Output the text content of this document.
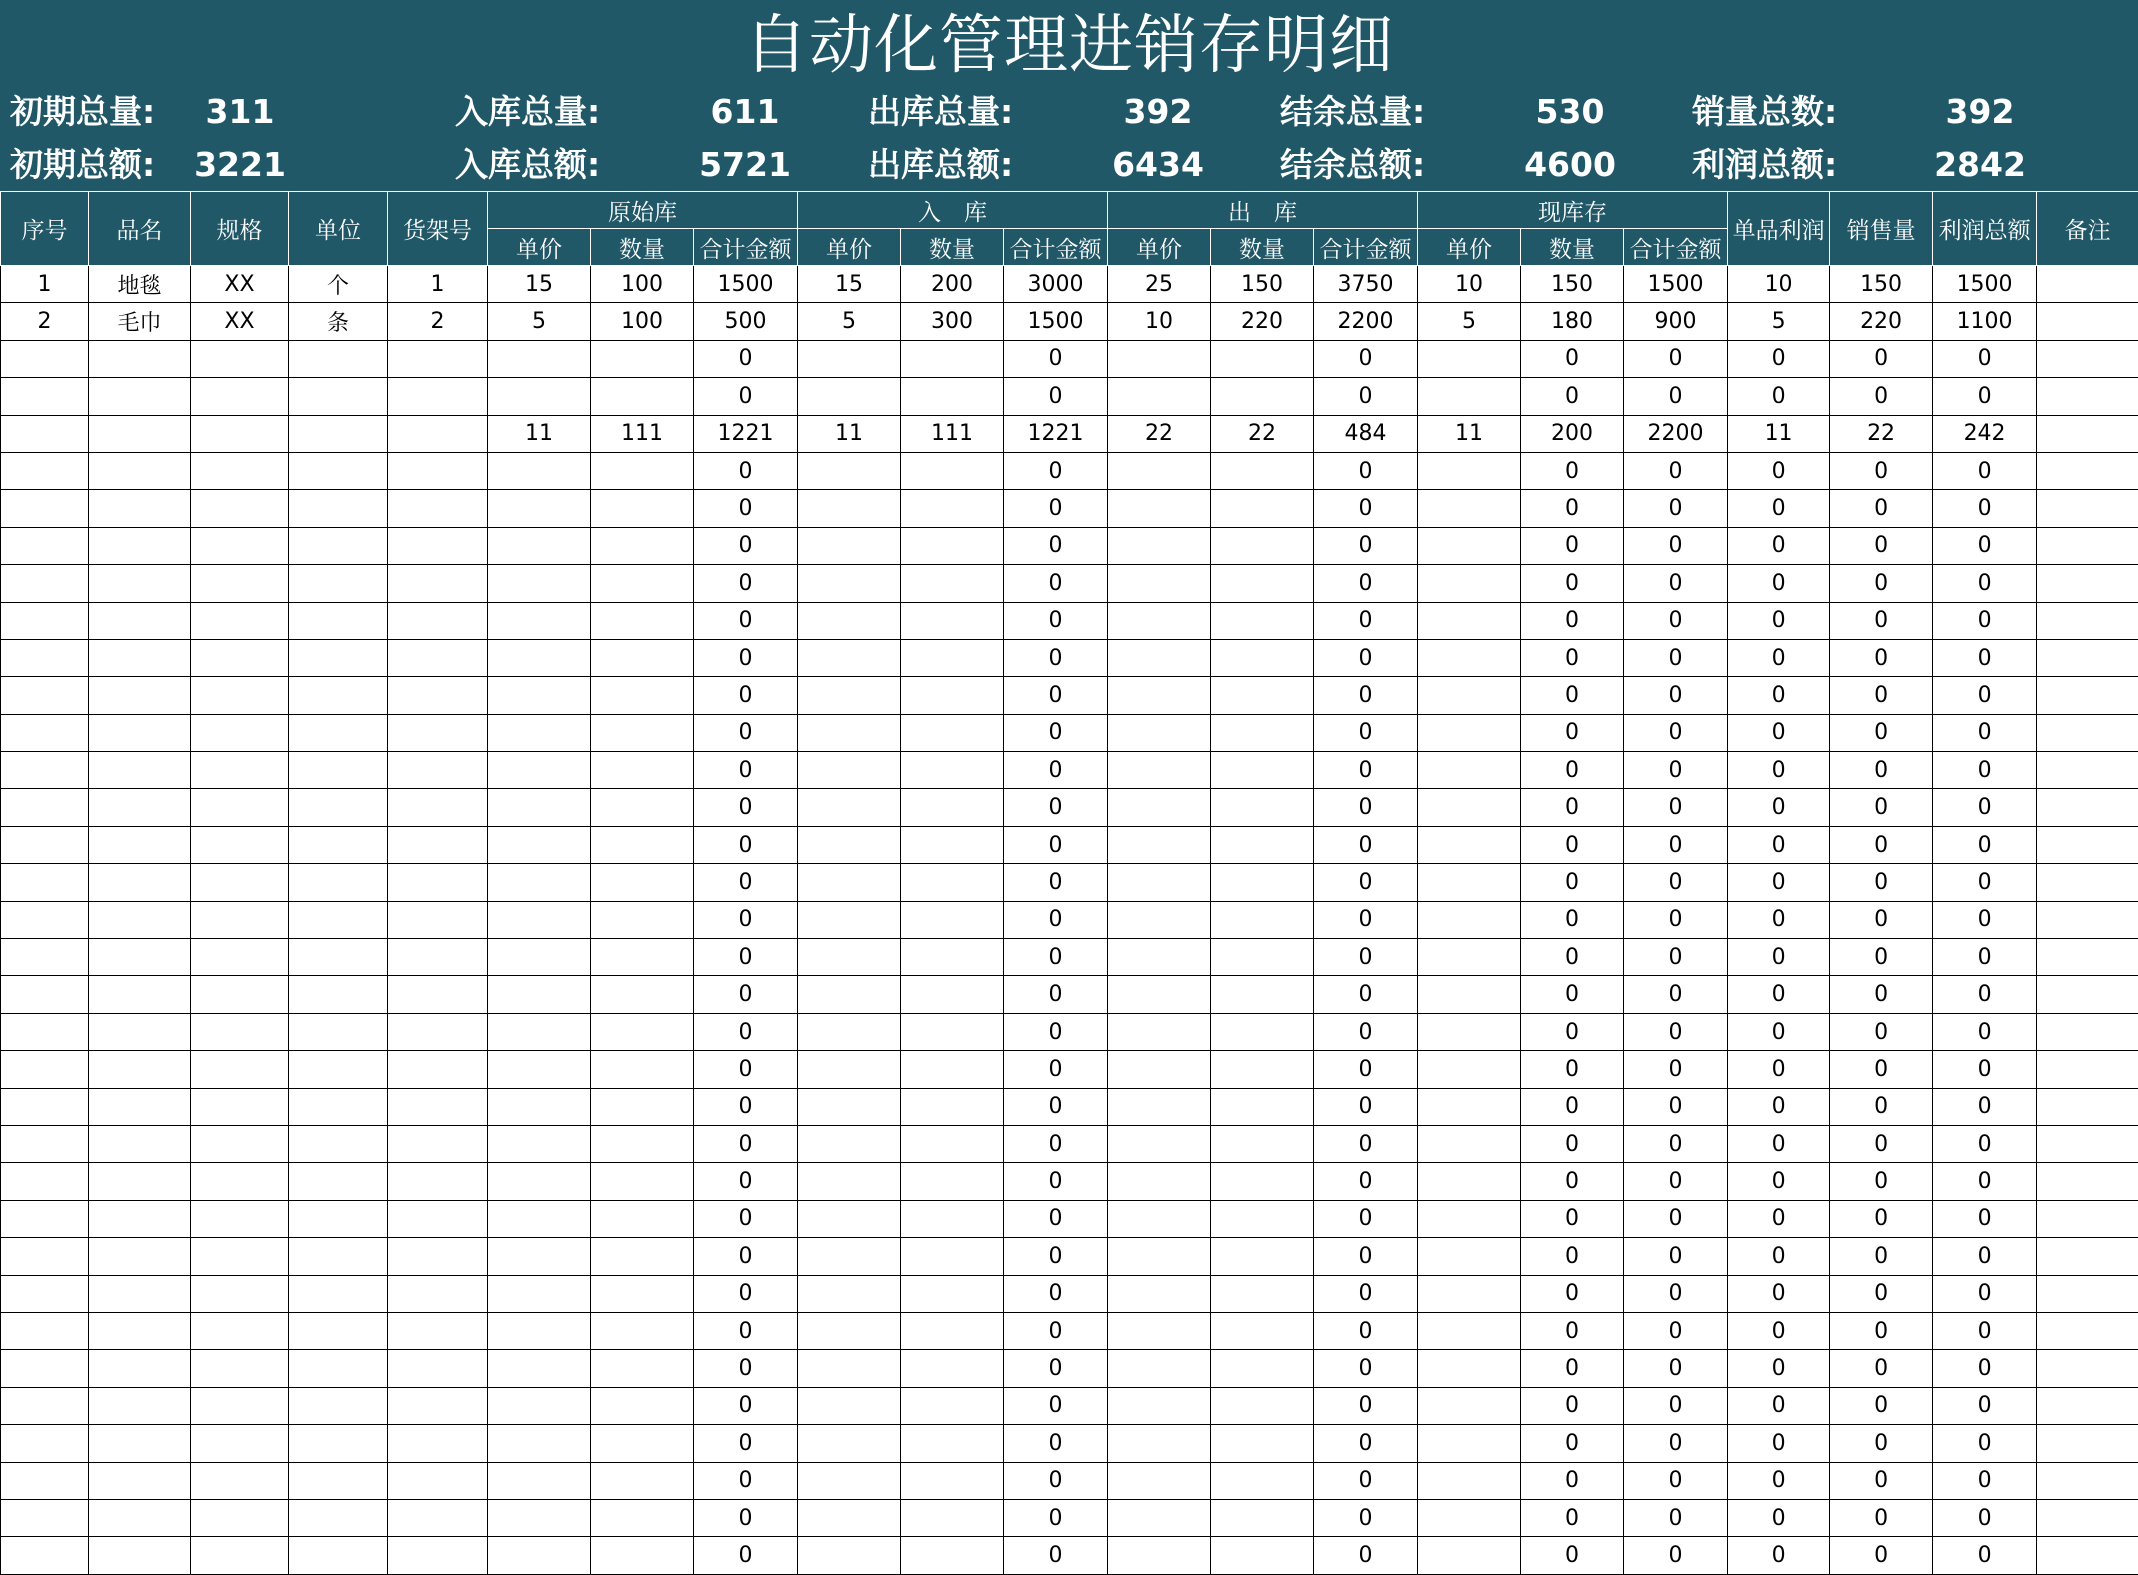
自动化管理进销存明细
初期总量:	311	入库总量:	611	出库总量:	392	结余总量:	530	销量总数:	392
初期总额:	3221	入库总额:	5721	出库总额:	6434	结余总额:	4600	利润总额:	2842
序号	品名	规格	单位	货架号	原始库			入　库			出　库			现库存			单品利润	销售量	利润总额	备注
					单价	数量	合计金额	单价	数量	合计金额	单价	数量	合计金额	单价	数量	合计金额				
1	地毯	XX	个	1	15	100	1500	15	200	3000	25	150	3750	10	150	1500	10	150	1500	
2	毛巾	XX	条	2	5	100	500	5	300	1500	10	220	2200	5	180	900	5	220	1100	
							0			0			0		0	0	0	0	0	
							0			0			0		0	0	0	0	0	
					11	111	1221	11	111	1221	22	22	484	11	200	2200	11	22	242	
							0			0			0		0	0	0	0	0	
							0			0			0		0	0	0	0	0	
							0			0			0		0	0	0	0	0	
							0			0			0		0	0	0	0	0	
							0			0			0		0	0	0	0	0	
							0			0			0		0	0	0	0	0	
							0			0			0		0	0	0	0	0	
							0			0			0		0	0	0	0	0	
							0			0			0		0	0	0	0	0	
							0			0			0		0	0	0	0	0	
							0			0			0		0	0	0	0	0	
							0			0			0		0	0	0	0	0	
							0			0			0		0	0	0	0	0	
							0			0			0		0	0	0	0	0	
							0			0			0		0	0	0	0	0	
							0			0			0		0	0	0	0	0	
							0			0			0		0	0	0	0	0	
							0			0			0		0	0	0	0	0	
							0			0			0		0	0	0	0	0	
							0			0			0		0	0	0	0	0	
							0			0			0		0	0	0	0	0	
							0			0			0		0	0	0	0	0	
							0			0			0		0	0	0	0	0	
							0			0			0		0	0	0	0	0	
							0			0			0		0	0	0	0	0	
							0			0			0		0	0	0	0	0	
							0			0			0		0	0	0	0	0	
							0			0			0		0	0	0	0	0	
							0			0			0		0	0	0	0	0	
							0			0			0		0	0	0	0	0	
